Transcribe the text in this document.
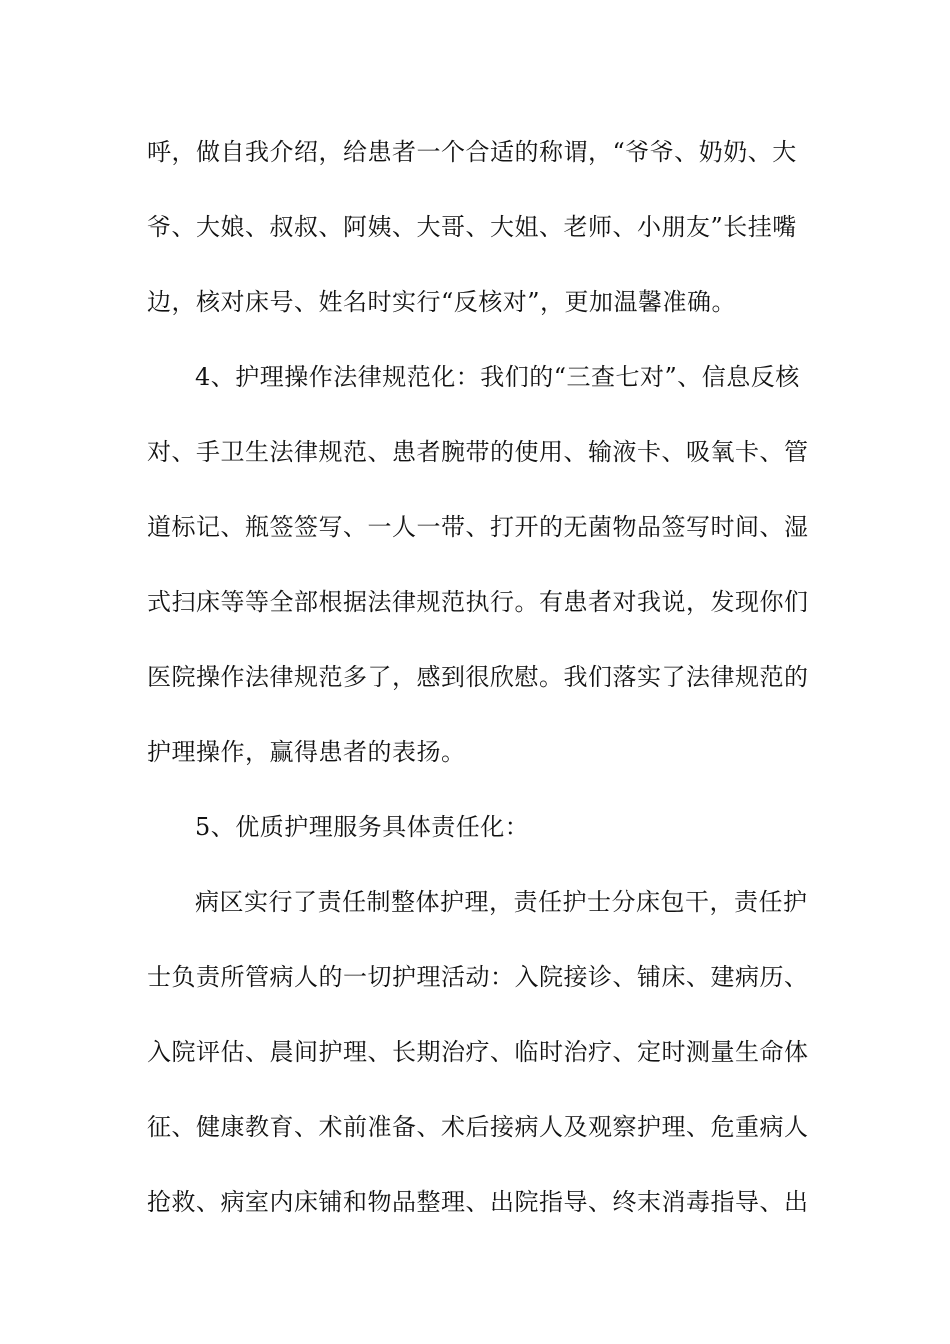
呼，做自我介绍，给患者一个合适的称谓，“爷爷、奶奶、大
爷、大娘、叔叔、阿姨、大哥、大姐、老师、小朋友”长挂嘴
边，核对床号、姓名时实行“反核对”，更加温馨准确。
4、护理操作法律规范化：我们的“三查七对”、信息反核
对、手卫生法律规范、患者腕带的使用、输液卡、吸氧卡、管
道标记、瓶签签写、一人一带、打开的无菌物品签写时间、湿
式扫床等等全部根据法律规范执行。有患者对我说，发现你们
医院操作法律规范多了，感到很欣慰。我们落实了法律规范的
护理操作，赢得患者的表扬。
5、优质护理服务具体责任化：
病区实行了责任制整体护理，责任护士分床包干，责任护
士负责所管病人的一切护理活动：入院接诊、铺床、建病历、
入院评估、晨间护理、长期治疗、临时治疗、定时测量生命体
征、健康教育、术前准备、术后接病人及观察护理、危重病人
抢救、病室内床铺和物品整理、出院指导、终末消毒指导、出
